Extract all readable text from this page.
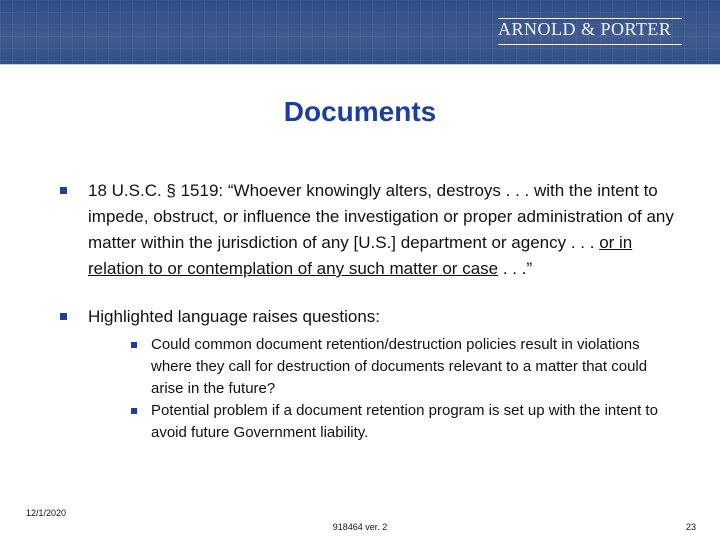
ARNOLD & PORTER
Documents
18 U.S.C. § 1519: “Whoever knowingly alters, destroys . . . with the intent to impede, obstruct, or influence the investigation or proper administration of any matter within the jurisdiction of any [U.S.] department or agency . . . or in relation to or contemplation of any such matter or case . . .”
Highlighted language raises questions:
Could common document retention/destruction policies result in violations where they call for destruction of documents relevant to a matter that could arise in the future?
Potential problem if a document retention program is set up with the intent to avoid future Government liability.
12/1/2020
918464 ver. 2	23
